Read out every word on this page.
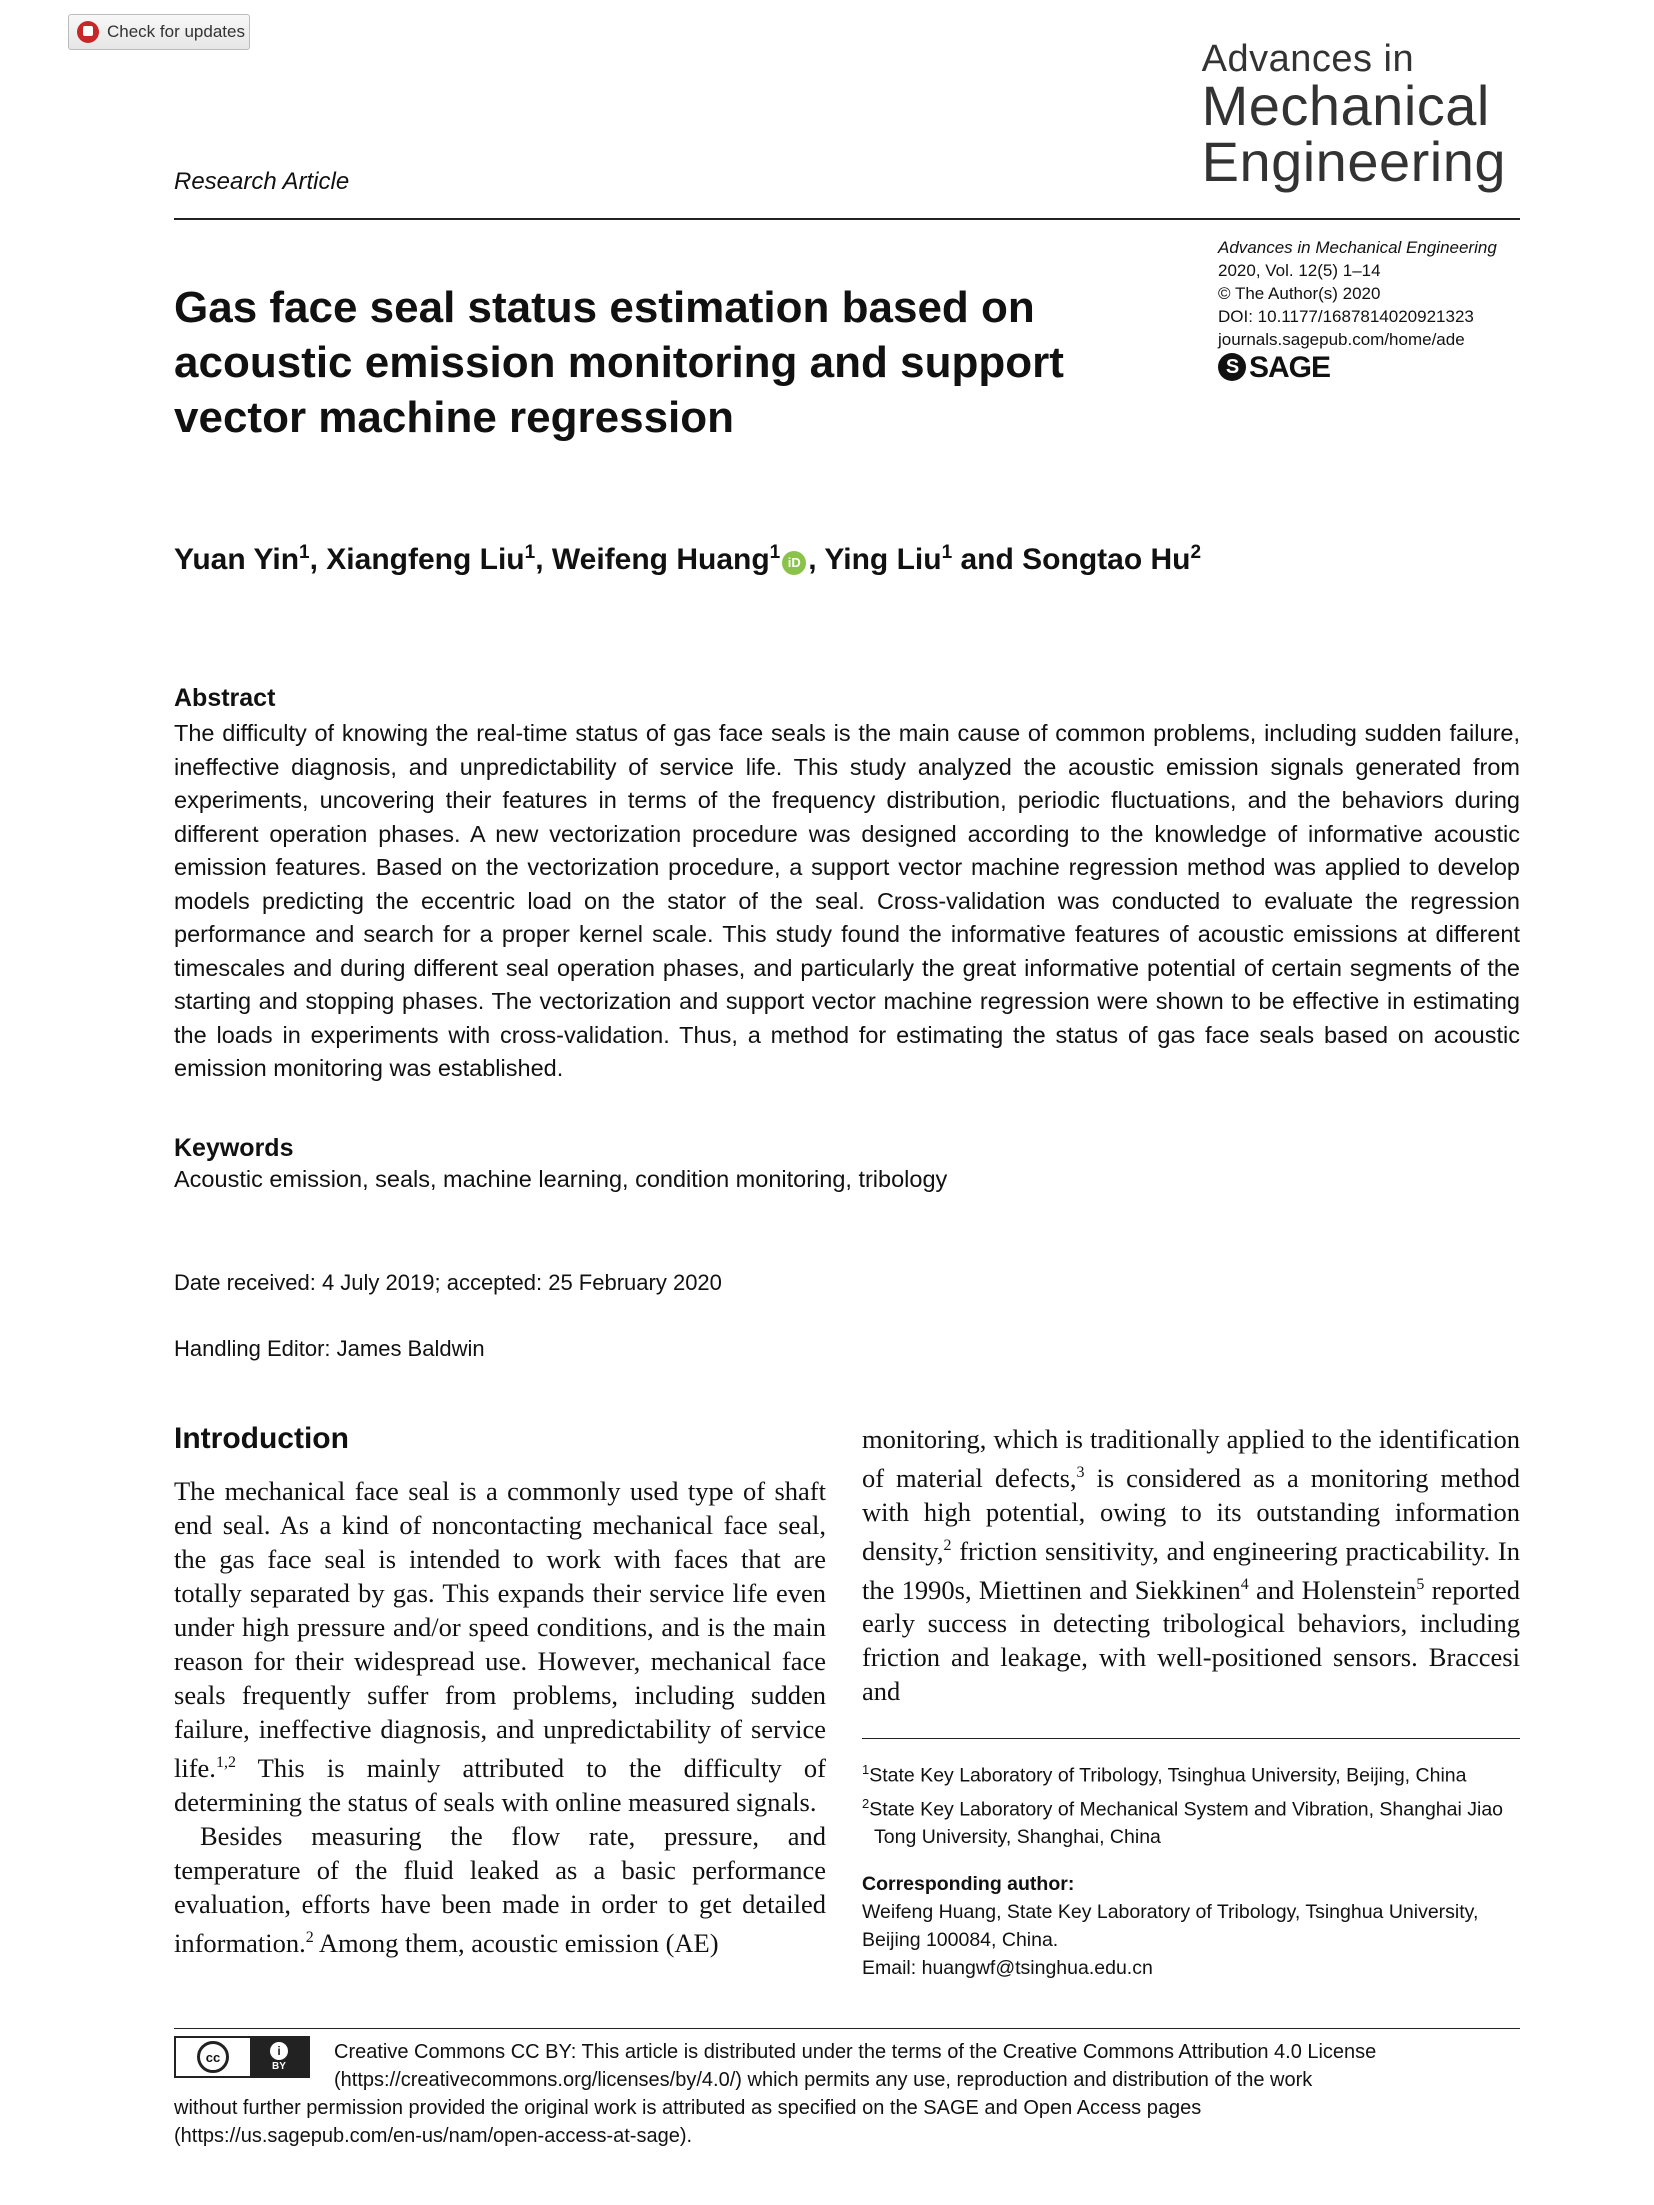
Check for updates
Advances in
Mechanical
Engineering
Research Article
Advances in Mechanical Engineering
2020, Vol. 12(5) 1–14
© The Author(s) 2020
DOI: 10.1177/1687814020921323
journals.sagepub.com/home/ade
S SAGE
Gas face seal status estimation based on acoustic emission monitoring and support vector machine regression
Yuan Yin$^1$, Xiangfeng Liu$^1$, Weifeng Huang$^1$ iD , Ying Liu$^1$ and Songtao Hu$^2$
Abstract
The difficulty of knowing the real-time status of gas face seals is the main cause of common problems, including sudden failure, ineffective diagnosis, and unpredictability of service life. This study analyzed the acoustic emission signals generated from experiments, uncovering their features in terms of the frequency distribution, periodic fluctuations, and the behaviors during different operation phases. A new vectorization procedure was designed according to the knowledge of informative acoustic emission features. Based on the vectorization procedure, a support vector machine regression method was applied to develop models predicting the eccentric load on the stator of the seal. Cross-validation was conducted to evaluate the regression performance and search for a proper kernel scale. This study found the informative features of acoustic emissions at different timescales and during different seal operation phases, and particularly the great informative potential of certain segments of the starting and stopping phases. The vectorization and support vector machine regression were shown to be effective in estimating the loads in experiments with cross-validation. Thus, a method for estimating the status of gas face seals based on acoustic emission monitoring was established.
Keywords
Acoustic emission, seals, machine learning, condition monitoring, tribology
Date received: 4 July 2019; accepted: 25 February 2020
Handling Editor: James Baldwin
Introduction

The mechanical face seal is a commonly used type of shaft end seal. As a kind of noncontacting mechanical face seal, the gas face seal is intended to work with faces that are totally separated by gas. This expands their service life even under high pressure and/or speed conditions, and is the main reason for their widespread use. However, mechanical face seals frequently suffer from problems, including sudden failure, ineffective diagnosis, and unpredictability of service life.$^{1,2}$ This is mainly attributed to the difficulty of determining the status of seals with online measured signals.

Besides measuring the flow rate, pressure, and temperature of the fluid leaked as a basic performance evaluation, efforts have been made in order to get detailed information.$^2$ Among them, acoustic emission (AE)

monitoring, which is traditionally applied to the identification of material defects,$^3$ is considered as a monitoring method with high potential, owing to its outstanding information density,$^2$ friction sensitivity, and engineering practicability. In the 1990s, Miettinen and Siekkinen$^4$ and Holenstein$^5$ reported early success in detecting tribological behaviors, including friction and leakage, with well-positioned sensors. Braccesi and

$^1$State Key Laboratory of Tribology, Tsinghua University, Beijing, China
$^2$State Key Laboratory of Mechanical System and Vibration, Shanghai Jiao
Tong University, Shanghai, China
Corresponding author:
Weifeng Huang, State Key Laboratory of Tribology, Tsinghua University,
Beijing 100084, China.
Email: huangwf@tsinghua.edu.cn
cc	i
BY
Creative Commons CC BY: This article is distributed under the terms of the Creative Commons Attribution 4.0 License
(https://creativecommons.org/licenses/by/4.0/) which permits any use, reproduction and distribution of the work
without further permission provided the original work is attributed as specified on the SAGE and Open Access pages
(https://us.sagepub.com/en-us/nam/open-access-at-sage).
